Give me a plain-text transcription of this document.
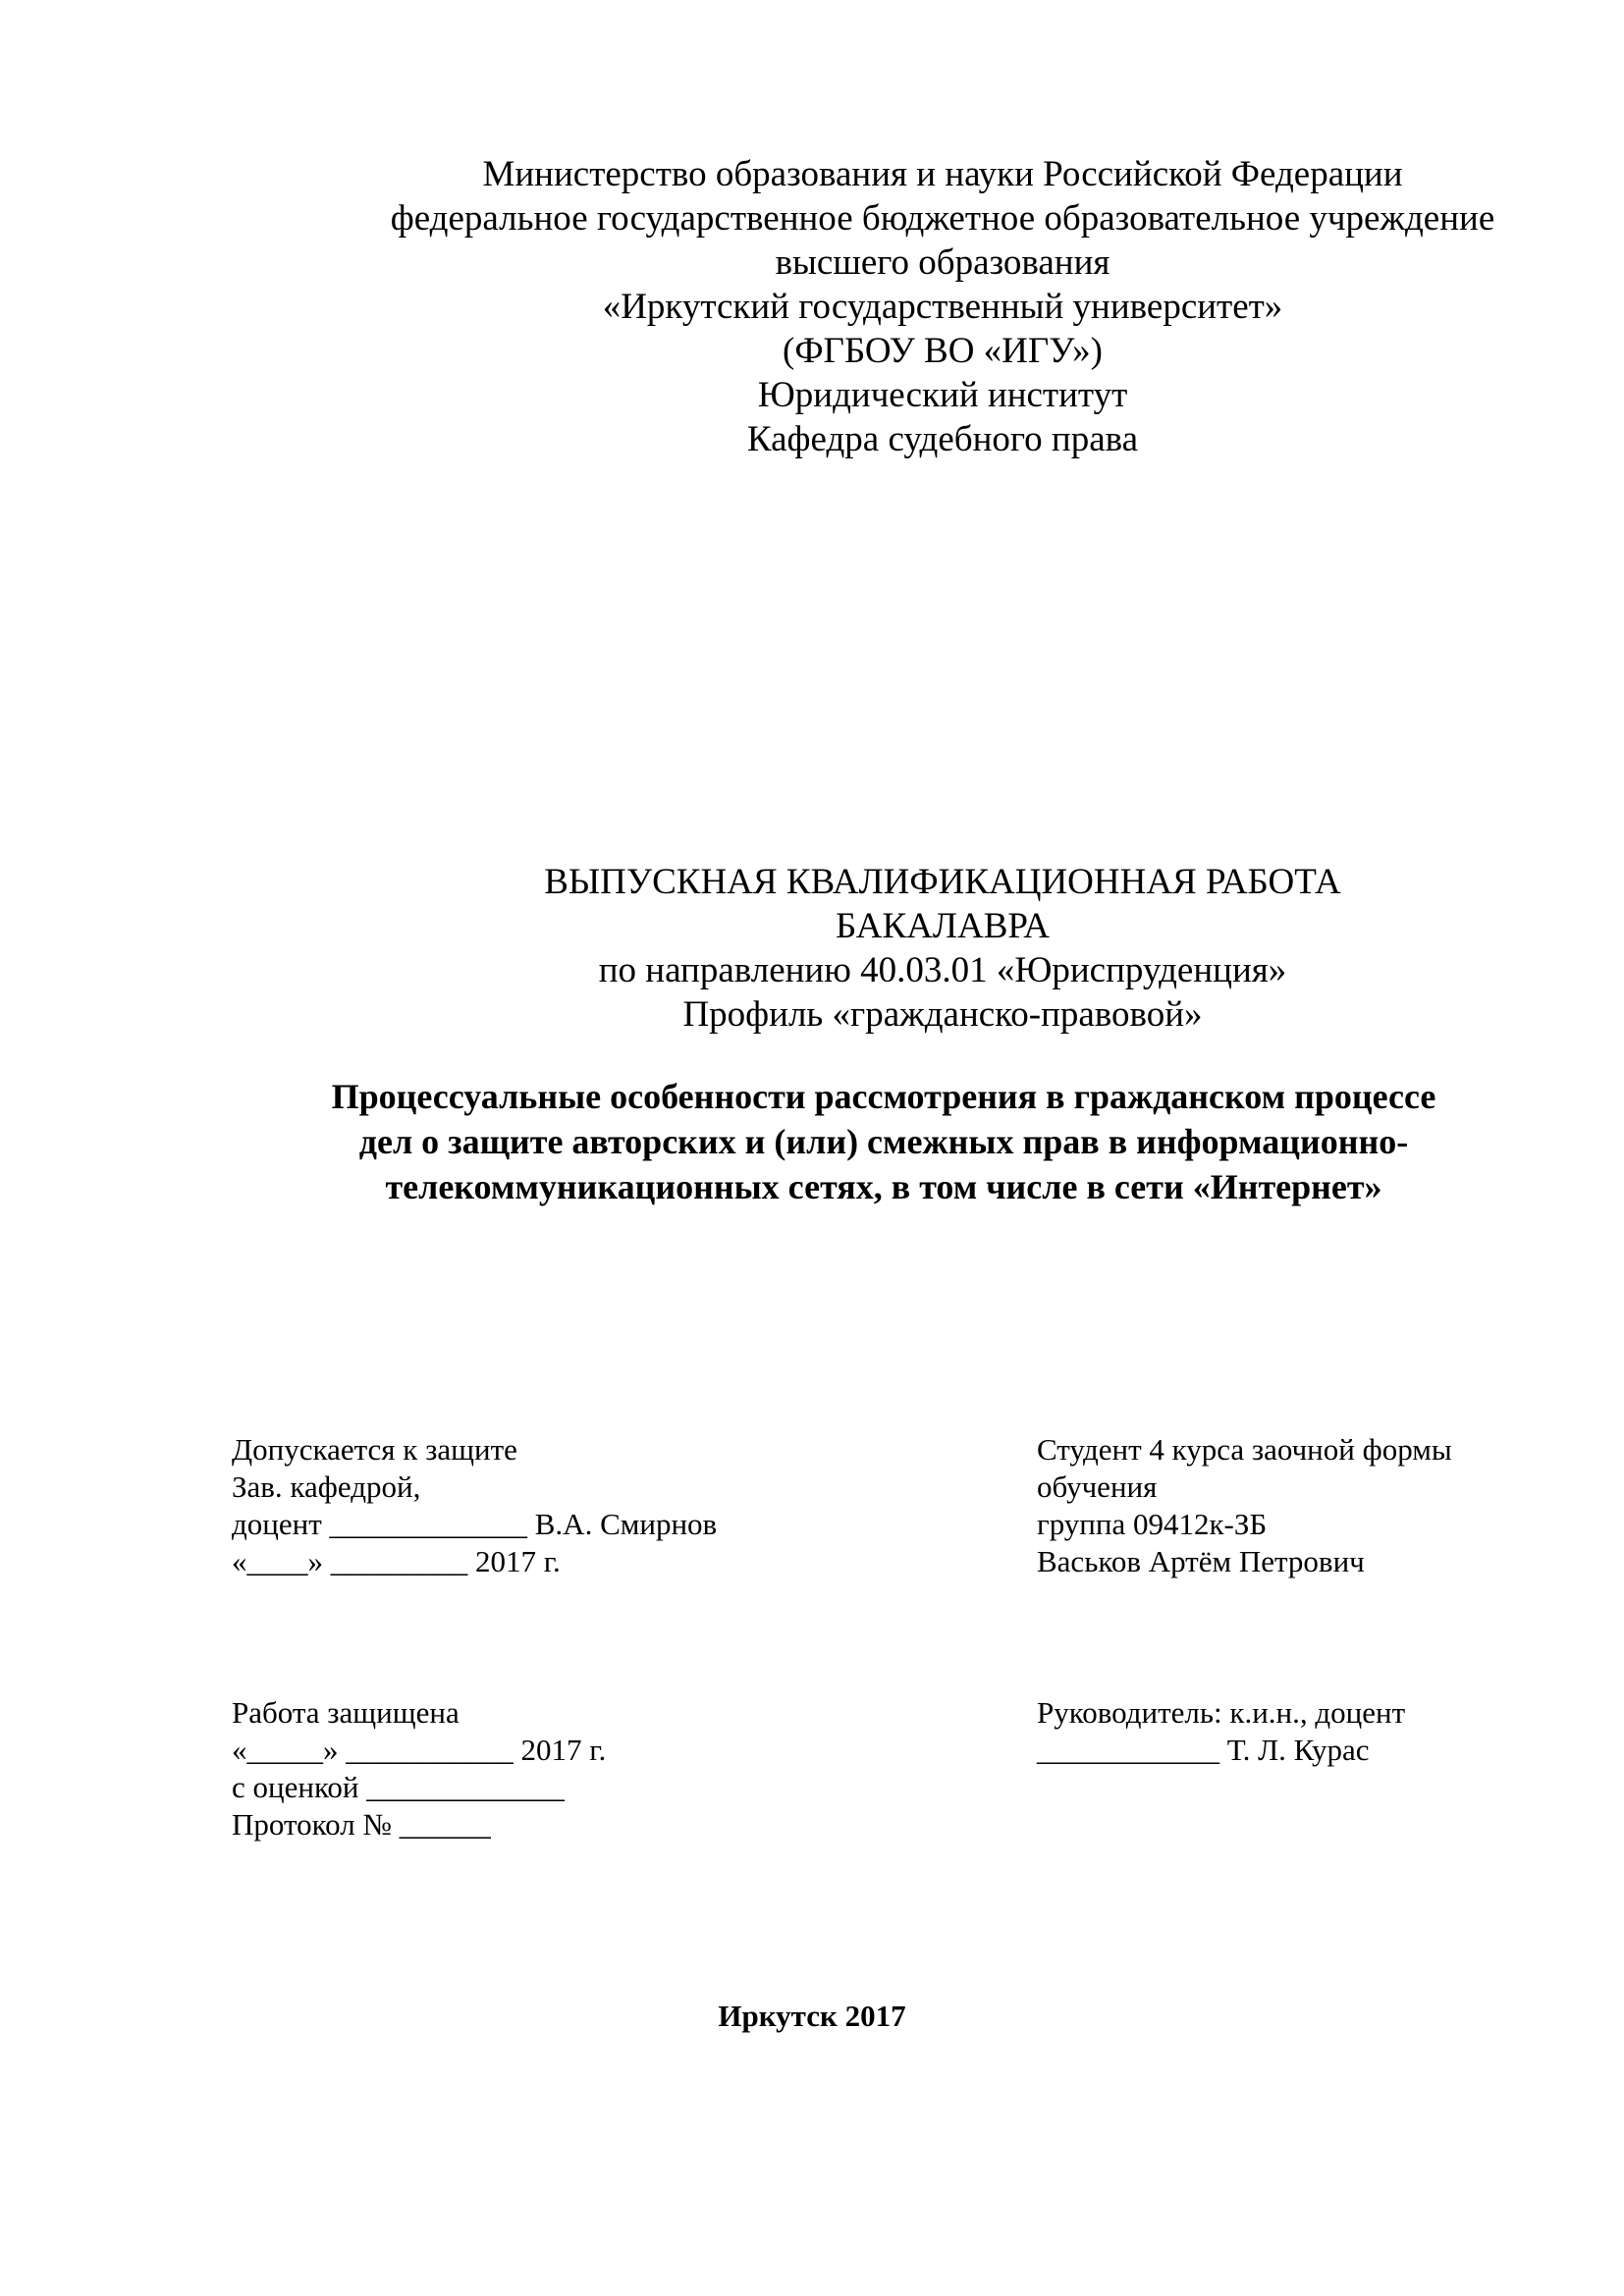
Министерство образования и науки Российской Федерации
федеральное государственное бюджетное образовательное учреждение
высшего образования
«Иркутский государственный университет»
(ФГБОУ ВО «ИГУ»)
Юридический институт
Кафедра судебного права
ВЫПУСКНАЯ КВАЛИФИКАЦИОННАЯ РАБОТА
БАКАЛАВРА
по направлению 40.03.01 «Юриспруденция»
Профиль «гражданско-правовой»
Процессуальные особенности рассмотрения в гражданском процессе
дел о защите авторских и (или) смежных прав в информационно-
телекоммуникационных сетях, в том числе в сети «Интернет»
Допускается к защите
Зав. кафедрой,
доцент _____________ В.А. Смирнов
«____» _________ 2017 г.
Студент 4 курса заочной формы
обучения
группа 09412к-ЗБ
Васьков Артём Петрович
Работа защищена
«_____» ___________ 2017 г.
с оценкой _____________
Протокол № ______
Руководитель: к.и.н., доцент
____________ Т. Л. Курас
Иркутск 2017
